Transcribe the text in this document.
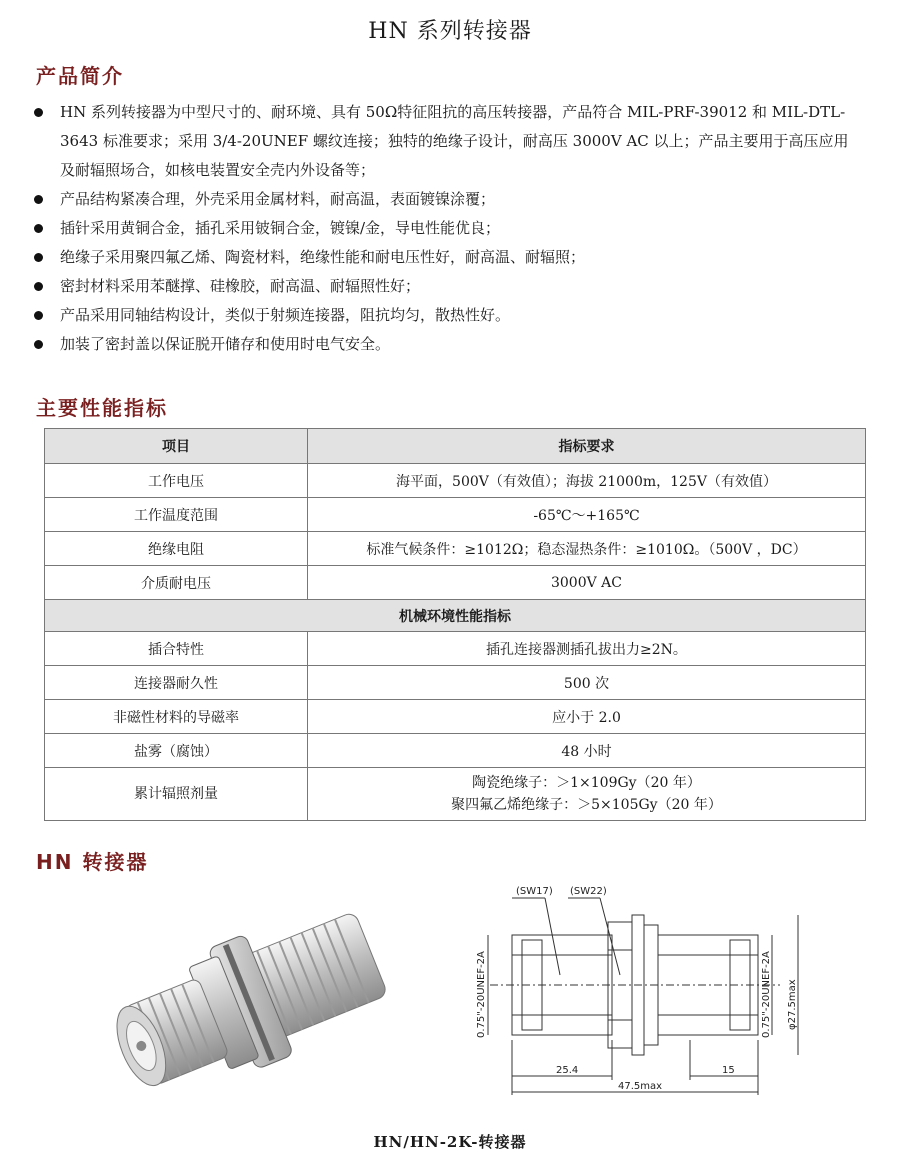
HN 系列转接器
产品简介
HN 系列转接器为中型尺寸的、耐环境、具有 50Ω特征阻抗的高压转接器，产品符合 MIL-PRF-39012 和 MIL-DTL-3643 标准要求；采用 3/4-20UNEF 螺纹连接；独特的绝缘子设计，耐高压 3000V AC 以上；产品主要用于高压应用及耐辐照场合，如核电装置安全壳内外设备等；
产品结构紧凑合理，外壳采用金属材料，耐高温，表面镀镍涂覆；
插针采用黄铜合金，插孔采用铍铜合金，镀镍/金，导电性能优良；
绝缘子采用聚四氟乙烯、陶瓷材料，绝缘性能和耐电压性好，耐高温、耐辐照；
密封材料采用苯醚撑、硅橡胶，耐高温、耐辐照性好；
产品采用同轴结构设计，类似于射频连接器，阻抗均匀，散热性好。
加装了密封盖以保证脱开储存和使用时电气安全。
主要性能指标
项目	指标要求
工作电压	海平面，500V（有效值）；海拔 21000m，125V（有效值）
工作温度范围	-65℃～+165℃
绝缘电阻	标准气候条件：≥1012Ω；稳态湿热条件：≥1010Ω。（500V ，DC）
介质耐电压	3000V AC
机械环境性能指标	
插合特性	插孔连接器测插孔拔出力≥2N。
连接器耐久性	500 次
非磁性材料的导磁率	应小于 2.0
盐雾（腐蚀）	48 小时
累计辐照剂量	陶瓷绝缘子：＞1×109Gy（20 年）
聚四氟乙烯绝缘子：＞5×105Gy（20 年）
HN 转接器
(SW17) (SW22)
25.4	15
47.5max
0.75"-20UNEF-2A	0.75"-20UNEF-2A φ27.5max
HN/HN-2K-转接器
